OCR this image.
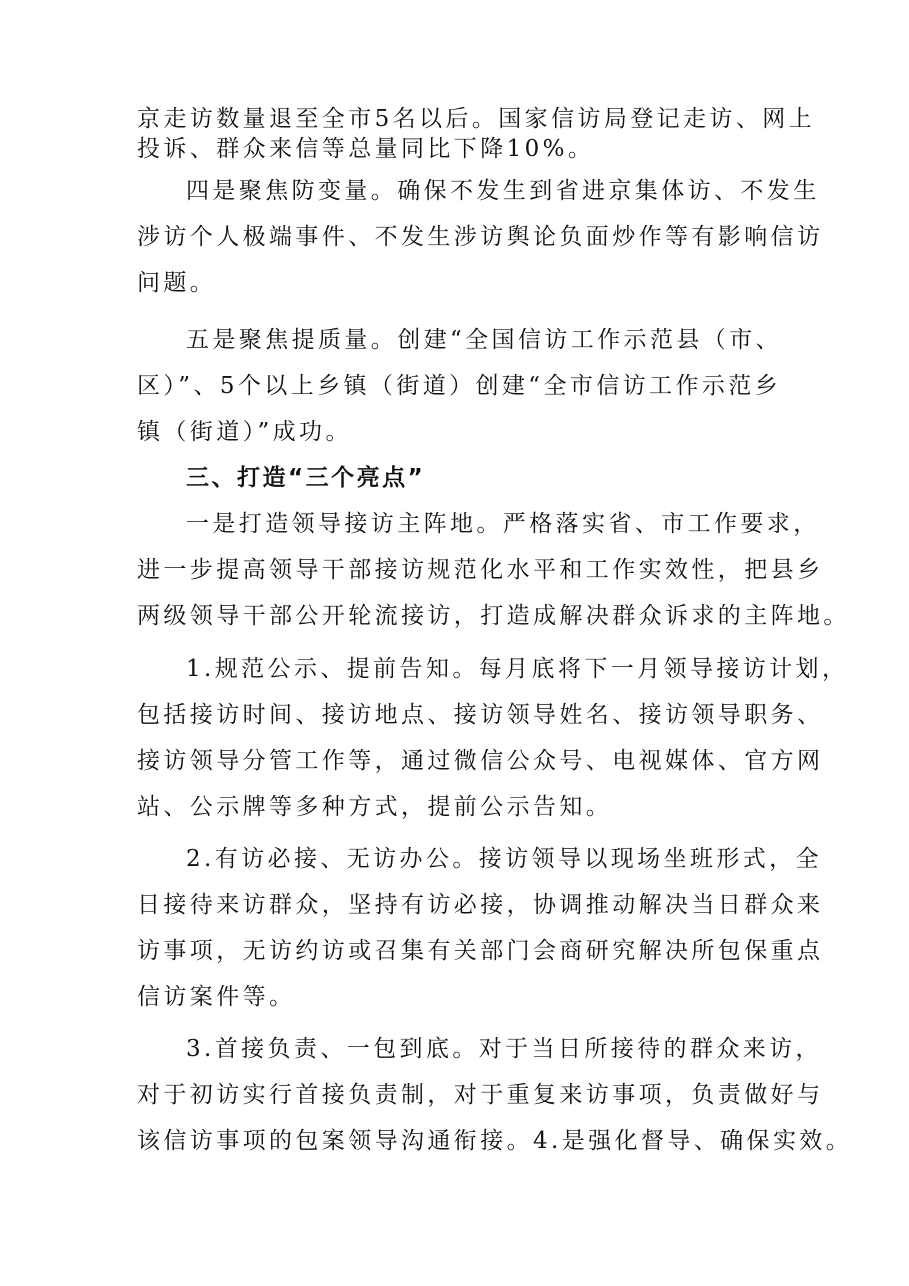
京走访数量退至全市5名以后。国家信访局登记走访、网上
投诉、群众来信等总量同比下降10%。
四是聚焦防变量。确保不发生到省进京集体访、不发生
涉访个人极端事件、不发生涉访舆论负面炒作等有影响信访
问题。
五是聚焦提质量。创建“全国信访工作示范县（市、
区）”、5个以上乡镇（街道）创建“全市信访工作示范乡
镇（街道）”成功。
三、打造“三个亮点”
一是打造领导接访主阵地。严格落实省、市工作要求，
进一步提高领导干部接访规范化水平和工作实效性，把县乡
两级领导干部公开轮流接访，打造成解决群众诉求的主阵地。
1.规范公示、提前告知。每月底将下一月领导接访计划，
包括接访时间、接访地点、接访领导姓名、接访领导职务、
接访领导分管工作等，通过微信公众号、电视媒体、官方网
站、公示牌等多种方式，提前公示告知。
2.有访必接、无访办公。接访领导以现场坐班形式，全
日接待来访群众，坚持有访必接，协调推动解决当日群众来
访事项，无访约访或召集有关部门会商研究解决所包保重点
信访案件等。
3.首接负责、一包到底。对于当日所接待的群众来访，
对于初访实行首接负责制，对于重复来访事项，负责做好与
该信访事项的包案领导沟通衔接。4.是强化督导、确保实效。
